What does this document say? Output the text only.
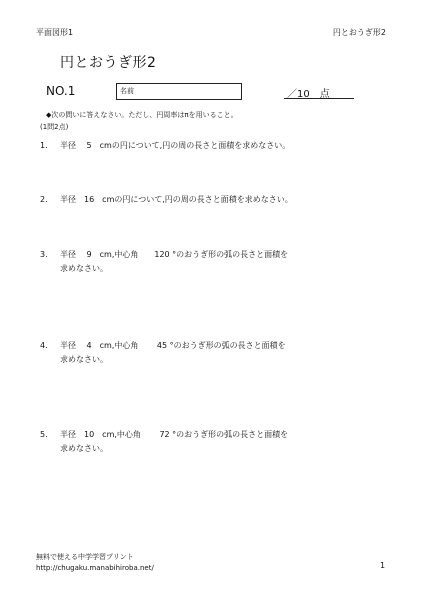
平面図形1	円とおうぎ形2
円とおうぎ形2
NO.1	名前	／10　点
◆次の問いに答えなさい。ただし、円周率はπを用いること。
(1問2点)
1. 半径　 5　cmの円について,円の周の長さと面積を求めなさい。
2. 半径　16　cmの円について,円の周の長さと面積を求めなさい。
3. 半径　 9　cm,中心角　　120 °のおうぎ形の弧の長さと面積を
求めなさい。
4. 半径　 4　cm,中心角　　 45 °のおうぎ形の弧の長さと面積を
求めなさい。
5. 半径　10　cm,中心角　　 72 °のおうぎ形の弧の長さと面積を
求めなさい。
無料で使える中学学習プリント
http://chugaku.manabihiroba.net/	1
